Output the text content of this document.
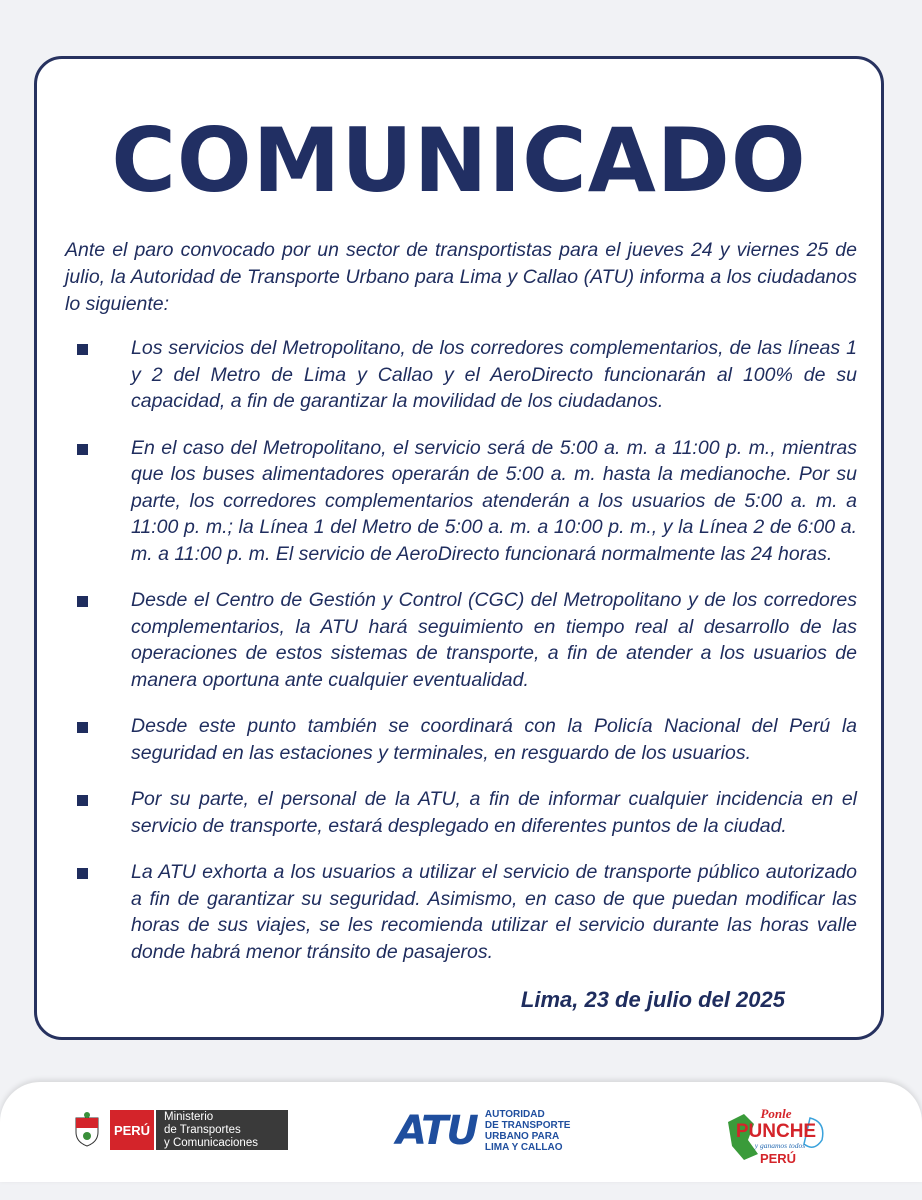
COMUNICADO

Ante el paro convocado por un sector de transportistas para el jueves 24 y viernes 25 de julio, la Autoridad de Transporte Urbano para Lima y Callao (ATU) informa a los ciudadanos lo siguiente:

Los servicios del Metropolitano, de los corredores complementarios, de las líneas 1 y 2 del Metro de Lima y Callao y el AeroDirecto funcionarán al 100% de su capacidad, a fin de garantizar la movilidad de los ciudadanos.
En el caso del Metropolitano, el servicio será de 5:00 a. m. a 11:00 p. m., mientras que los buses alimentadores operarán de 5:00 a. m. hasta la medianoche. Por su parte, los corredores complementarios atenderán a los usuarios de 5:00 a. m. a 11:00 p. m.; la Línea 1 del Metro de 5:00 a. m. a 10:00 p. m., y la Línea 2 de 6:00 a. m. a 11:00 p. m. El servicio de AeroDirecto funcionará normalmente las 24 horas.
Desde el Centro de Gestión y Control (CGC) del Metropolitano y de los corredores complementarios, la ATU hará seguimiento en tiempo real al desarrollo de las operaciones de estos sistemas de transporte, a fin de atender a los usuarios de manera oportuna ante cualquier eventualidad.
Desde este punto también se coordinará con la Policía Nacional del Perú la seguridad en las estaciones y terminales, en resguardo de los usuarios.
Por su parte, el personal de la ATU, a fin de informar cualquier incidencia en el servicio de transporte, estará desplegado en diferentes puntos de la ciudad.
La ATU exhorta a los usuarios a utilizar el servicio de transporte público autorizado a fin de garantizar su seguridad. Asimismo, en caso de que puedan modificar las horas de sus viajes, se les recomienda utilizar el servicio durante las horas valle donde habrá menor tránsito de pasajeros.
Lima, 23 de julio del 2025
PERÚ
Ministerio
de Transportes
y Comunicaciones	ATU AUTORIDAD
DE TRANSPORTE
URBANO PARA
LIMA Y CALLAO
Ponle
PUNCHE
y ganamos todos
PERÚ
